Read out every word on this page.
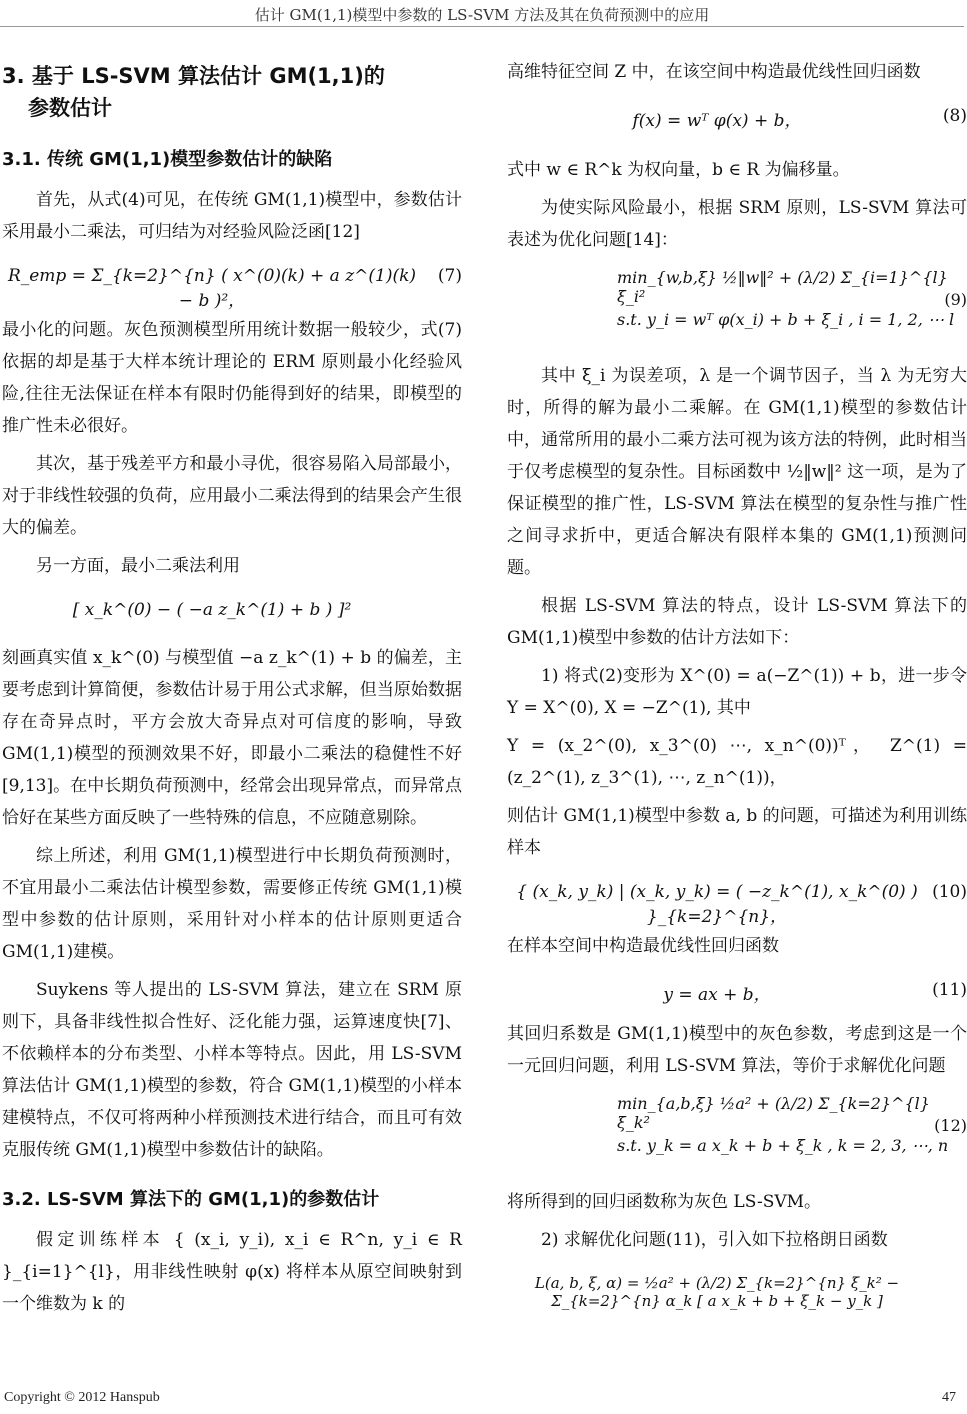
估计 GM(1,1)模型中参数的 LS-SVM 方法及其在负荷预测中的应用
3. 基于 LS-SVM 算法估计 GM(1,1)的
参数估计
3.1. 传统 GM(1,1)模型参数估计的缺陷

首先，从式(4)可见，在传统 GM(1,1)模型中，参数估计采用最小二乘法，可归结为对经验风险泛函[12]

R_emp = Σ_{k=2}^{n} ( x^(0)(k) + a z^(1)(k) − b )²，
(7)

最小化的问题。灰色预测模型所用统计数据一般较少，式(7)依据的却是基于大样本统计理论的 ERM 原则最小化经验风险,往往无法保证在样本有限时仍能得到好的结果，即模型的推广性未必很好。

其次，基于残差平方和最小寻优，很容易陷入局部最小，对于非线性较强的负荷，应用最小二乘法得到的结果会产生很大的偏差。

另一方面，最小二乘法利用

[ x_k^(0) − ( −a z_k^(1) + b ) ]²

刻画真实值 x_k^(0) 与模型值 −a z_k^(1) + b 的偏差，主要考虑到计算简便，参数估计易于用公式求解，但当原始数据存在奇异点时，平方会放大奇异点对可信度的影响，导致 GM(1,1)模型的预测效果不好，即最小二乘法的稳健性不好[9,13]。在中长期负荷预测中，经常会出现异常点，而异常点恰好在某些方面反映了一些特殊的信息，不应随意剔除。

综上所述，利用 GM(1,1)模型进行中长期负荷预测时，不宜用最小二乘法估计模型参数，需要修正传统 GM(1,1)模型中参数的估计原则，采用针对小样本的估计原则更适合 GM(1,1)建模。

Suykens 等人提出的 LS-SVM 算法，建立在 SRM 原则下，具备非线性拟合性好、泛化能力强，运算速度快[7]、不依赖样本的分布类型、小样本等特点。因此，用 LS-SVM 算法估计 GM(1,1)模型的参数，符合 GM(1,1)模型的小样本建模特点，不仅可将两种小样预测技术进行结合，而且可有效克服传统 GM(1,1)模型中参数估计的缺陷。

3.2. LS-SVM 算法下的 GM(1,1)的参数估计

假定训练样本 { (x_i, y_i), x_i ∈ R^n, y_i ∈ R }_{i=1}^{l}，用非线性映射 φ(x) 将样本从原空间映射到一个维数为 k 的

高维特征空间 Z 中，在该空间中构造最优线性回归函数

f(x) = wᵀ φ(x) + b，	(8)

式中 w ∈ R^k 为权向量，b ∈ R 为偏移量。

为使实际风险最小，根据 SRM 原则，LS-SVM 算法可表述为优化问题[14]：

min_{w,b,ξ} ½‖w‖² + (λ/2) Σ_{i=1}^{l} ξ_i²
s.t. y_i = wᵀ φ(x_i) + b + ξ_i , i = 1, 2, ⋯ l
(9)

其中 ξ_i 为误差项，λ 是一个调节因子，当 λ 为无穷大时，所得的解为最小二乘解。在 GM(1,1)模型的参数估计中，通常所用的最小二乘方法可视为该方法的特例，此时相当于仅考虑模型的复杂性。目标函数中 ½‖w‖² 这一项，是为了保证模型的推广性，LS-SVM 算法在模型的复杂性与推广性之间寻求折中，更适合解决有限样本集的 GM(1,1)预测问题。

根据 LS-SVM 算法的特点，设计 LS-SVM 算法下的 GM(1,1)模型中参数的估计方法如下：

1) 将式(2)变形为 X^(0) = a(−Z^(1)) + b，进一步令 Y = X^(0), X = −Z^(1), 其中

Y = (x_2^(0), x_3^(0) ⋯, x_n^(0))ᵀ， Z^(1) = (z_2^(1), z_3^(1), ⋯, z_n^(1))，

则估计 GM(1,1)模型中参数 a, b 的问题，可描述为利用训练样本

{ (x_k, y_k) | (x_k, y_k) = ( −z_k^(1), x_k^(0) ) }_{k=2}^{n}，
(10)

在样本空间中构造最优线性回归函数

y = ax + b，	(11)

其回归系数是 GM(1,1)模型中的灰色参数，考虑到这是一个一元回归问题，利用 LS-SVM 算法，等价于求解优化问题

min_{a,b,ξ} ½a² + (λ/2) Σ_{k=2}^{l} ξ_k²
s.t. y_k = a x_k + b + ξ_k , k = 2, 3, ⋯, n
(12)

将所得到的回归函数称为灰色 LS-SVM。

2) 求解优化问题(11)，引入如下拉格朗日函数

L(a, b, ξ, α) = ½a² + (λ/2) Σ_{k=2}^{n} ξ_k² − Σ_{k=2}^{n} α_k [ a x_k + b + ξ_k − y_k ]
Copyright © 2012 Hanspub	47
